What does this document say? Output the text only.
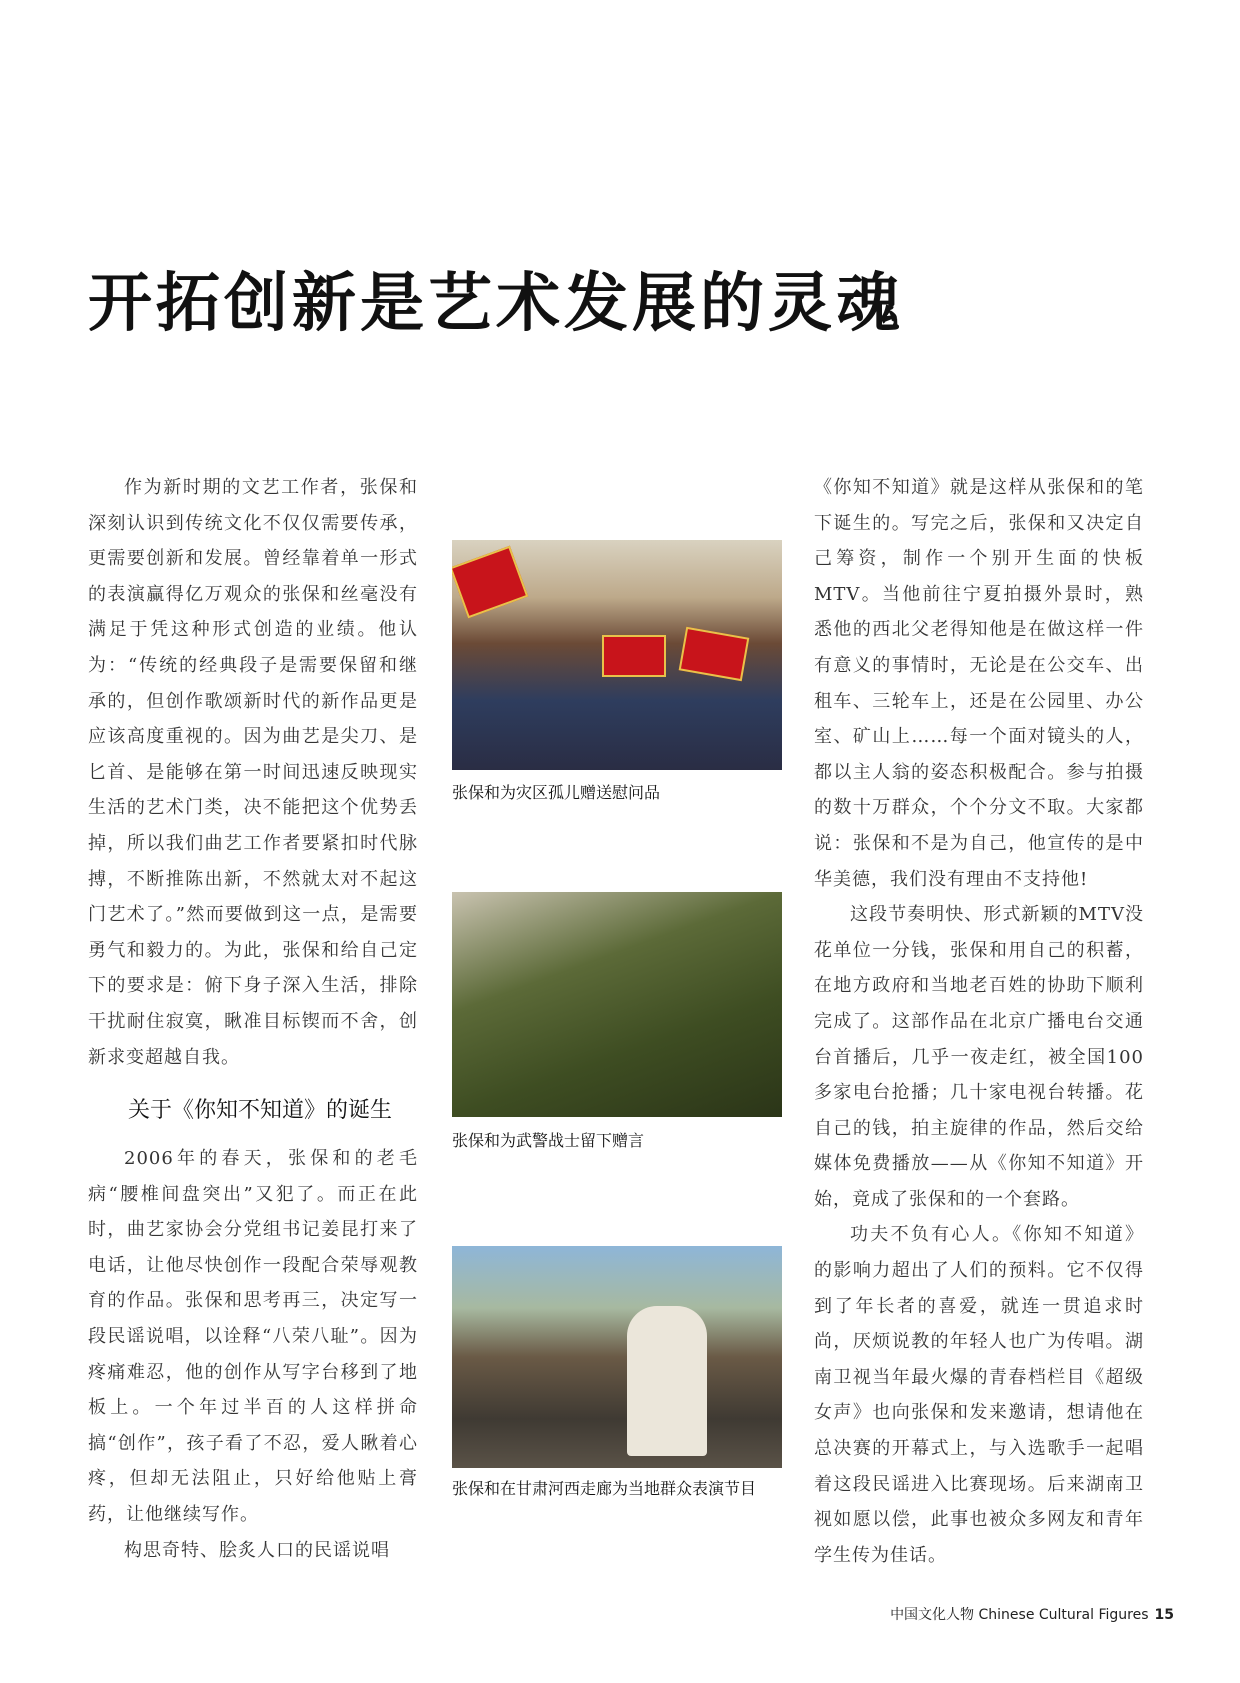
开拓创新是艺术发展的灵魂

作为新时期的文艺工作者，张保和深刻认识到传统文化不仅仅需要传承，更需要创新和发展。曾经靠着单一形式的表演赢得亿万观众的张保和丝毫没有满足于凭这种形式创造的业绩。他认为：“传统的经典段子是需要保留和继承的，但创作歌颂新时代的新作品更是应该高度重视的。因为曲艺是尖刀、是匕首、是能够在第一时间迅速反映现实生活的艺术门类，决不能把这个优势丢掉，所以我们曲艺工作者要紧扣时代脉搏，不断推陈出新，不然就太对不起这门艺术了。”然而要做到这一点，是需要勇气和毅力的。为此，张保和给自己定下的要求是：俯下身子深入生活，排除干扰耐住寂寞，瞅准目标锲而不舍，创新求变超越自我。

关于《你知不知道》的诞生

2006年的春天，张保和的老毛病“腰椎间盘突出”又犯了。而正在此时，曲艺家协会分党组书记姜昆打来了电话，让他尽快创作一段配合荣辱观教育的作品。张保和思考再三，决定写一段民谣说唱，以诠释“八荣八耻”。因为疼痛难忍，他的创作从写字台移到了地板上。一个年过半百的人这样拼命搞“创作”，孩子看了不忍，爱人瞅着心疼，但却无法阻止，只好给他贴上膏药，让他继续写作。

构思奇特、脍炙人口的民谣说唱

张保和为灾区孤儿赠送慰问品
张保和为武警战士留下赠言
张保和在甘肃河西走廊为当地群众表演节目

《你知不知道》就是这样从张保和的笔下诞生的。写完之后，张保和又决定自己筹资，制作一个别开生面的快板MTV。当他前往宁夏拍摄外景时，熟悉他的西北父老得知他是在做这样一件有意义的事情时，无论是在公交车、出租车、三轮车上，还是在公园里、办公室、矿山上……每一个面对镜头的人，都以主人翁的姿态积极配合。参与拍摄的数十万群众，个个分文不取。大家都说：张保和不是为自己，他宣传的是中华美德，我们没有理由不支持他!

这段节奏明快、形式新颖的MTV没花单位一分钱，张保和用自己的积蓄，在地方政府和当地老百姓的协助下顺利完成了。这部作品在北京广播电台交通台首播后，几乎一夜走红，被全国100多家电台抢播；几十家电视台转播。花自己的钱，拍主旋律的作品，然后交给媒体免费播放——从《你知不知道》开始，竟成了张保和的一个套路。

功夫不负有心人。《你知不知道》的影响力超出了人们的预料。它不仅得到了年长者的喜爱，就连一贯追求时尚，厌烦说教的年轻人也广为传唱。湖南卫视当年最火爆的青春档栏目《超级女声》也向张保和发来邀请，想请他在总决赛的开幕式上，与入选歌手一起唱着这段民谣进入比赛现场。后来湖南卫视如愿以偿，此事也被众多网友和青年学生传为佳话。

中国文化人物 Chinese Cultural Figures 15
